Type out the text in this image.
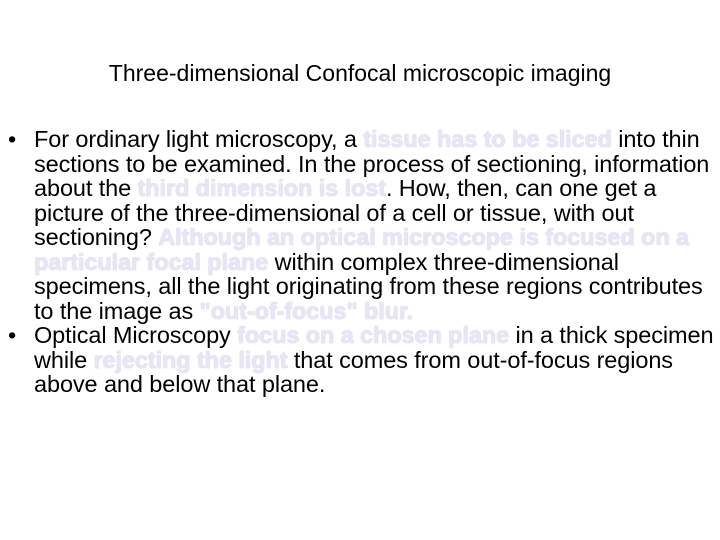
Three-dimensional Confocal microscopic imaging
• For ordinary light microscopy, a tissue has to be sliced into thin sections to be examined. In the process of sectioning, information about the third dimension is lost. How, then, can one get a picture of the three-dimensional of a cell or tissue, with out sectioning? Although an optical microscope is focused on a particular focal plane within complex three-dimensional specimens, all the light originating from these regions contributes to the image as "out-of-focus" blur.
• Optical Microscopy focus on a chosen plane in a thick specimen while rejecting the light that comes from out-of-focus regions above and below that plane.
